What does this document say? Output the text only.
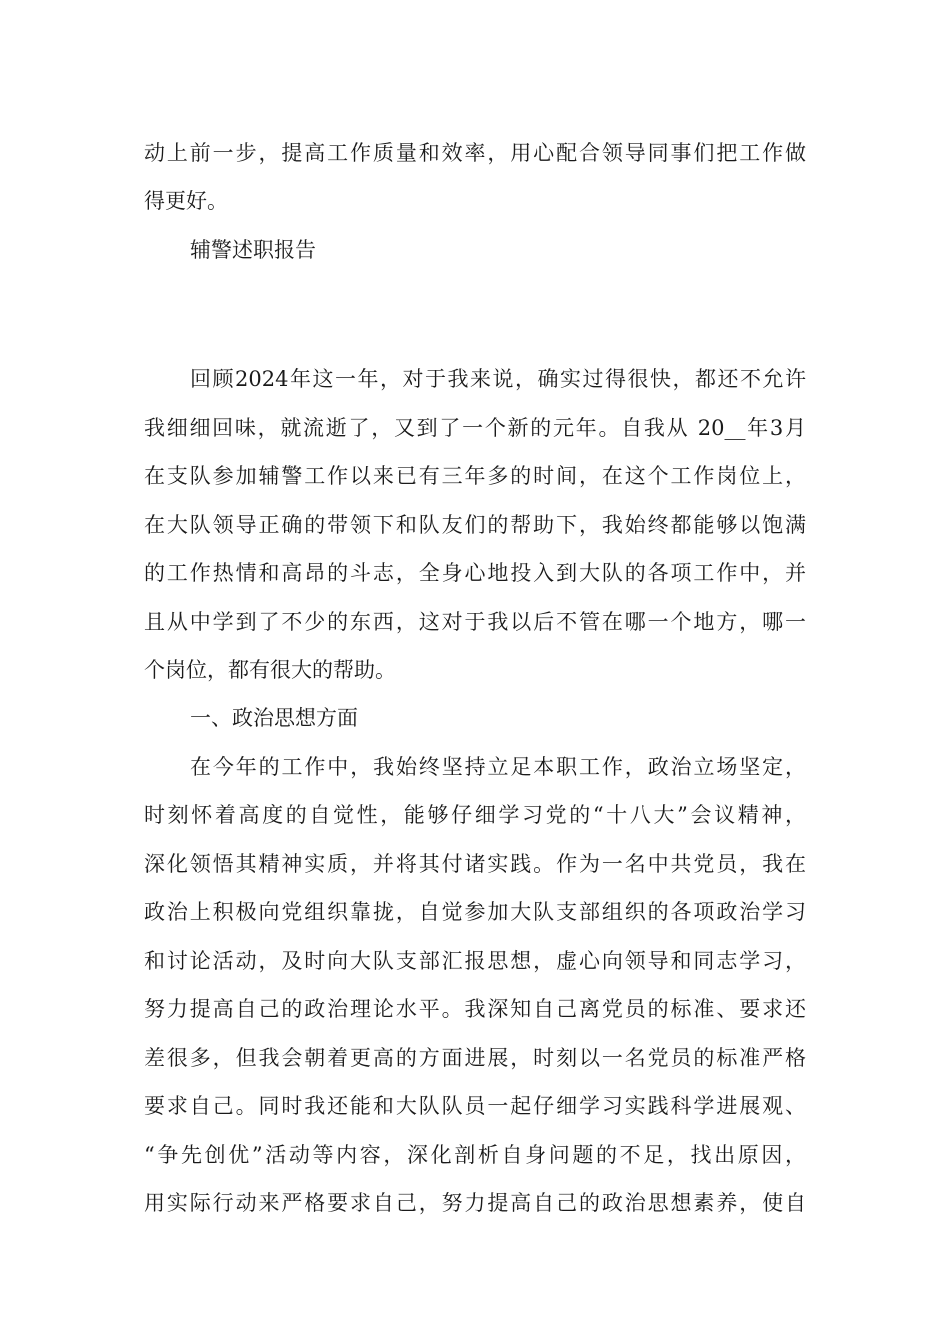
动上前一步，提高工作质量和效率，用心配合领导同事们把工作做
得更好。
辅警述职报告
回顾2024年这一年，对于我来说，确实过得很快，都还不允许
我细细回味，就流逝了，又到了一个新的元年。自我从 20__年3月
在支队参加辅警工作以来已有三年多的时间，在这个工作岗位上，
在大队领导正确的带领下和队友们的帮助下，我始终都能够以饱满
的工作热情和高昂的斗志，全身心地投入到大队的各项工作中，并
且从中学到了不少的东西，这对于我以后不管在哪一个地方，哪一
个岗位，都有很大的帮助。
一、政治思想方面
在今年的工作中，我始终坚持立足本职工作，政治立场坚定，
时刻怀着高度的自觉性，能够仔细学习党的“十八大”会议精神，
深化领悟其精神实质，并将其付诸实践。作为一名中共党员，我在
政治上积极向党组织靠拢，自觉参加大队支部组织的各项政治学习
和讨论活动，及时向大队支部汇报思想，虚心向领导和同志学习，
努力提高自己的政治理论水平。我深知自己离党员的标准、要求还
差很多，但我会朝着更高的方面进展，时刻以一名党员的标准严格
要求自己。同时我还能和大队队员一起仔细学习实践科学进展观、
“争先创优”活动等内容，深化剖析自身问题的不足，找出原因，
用实际行动来严格要求自己，努力提高自己的政治思想素养，使自
